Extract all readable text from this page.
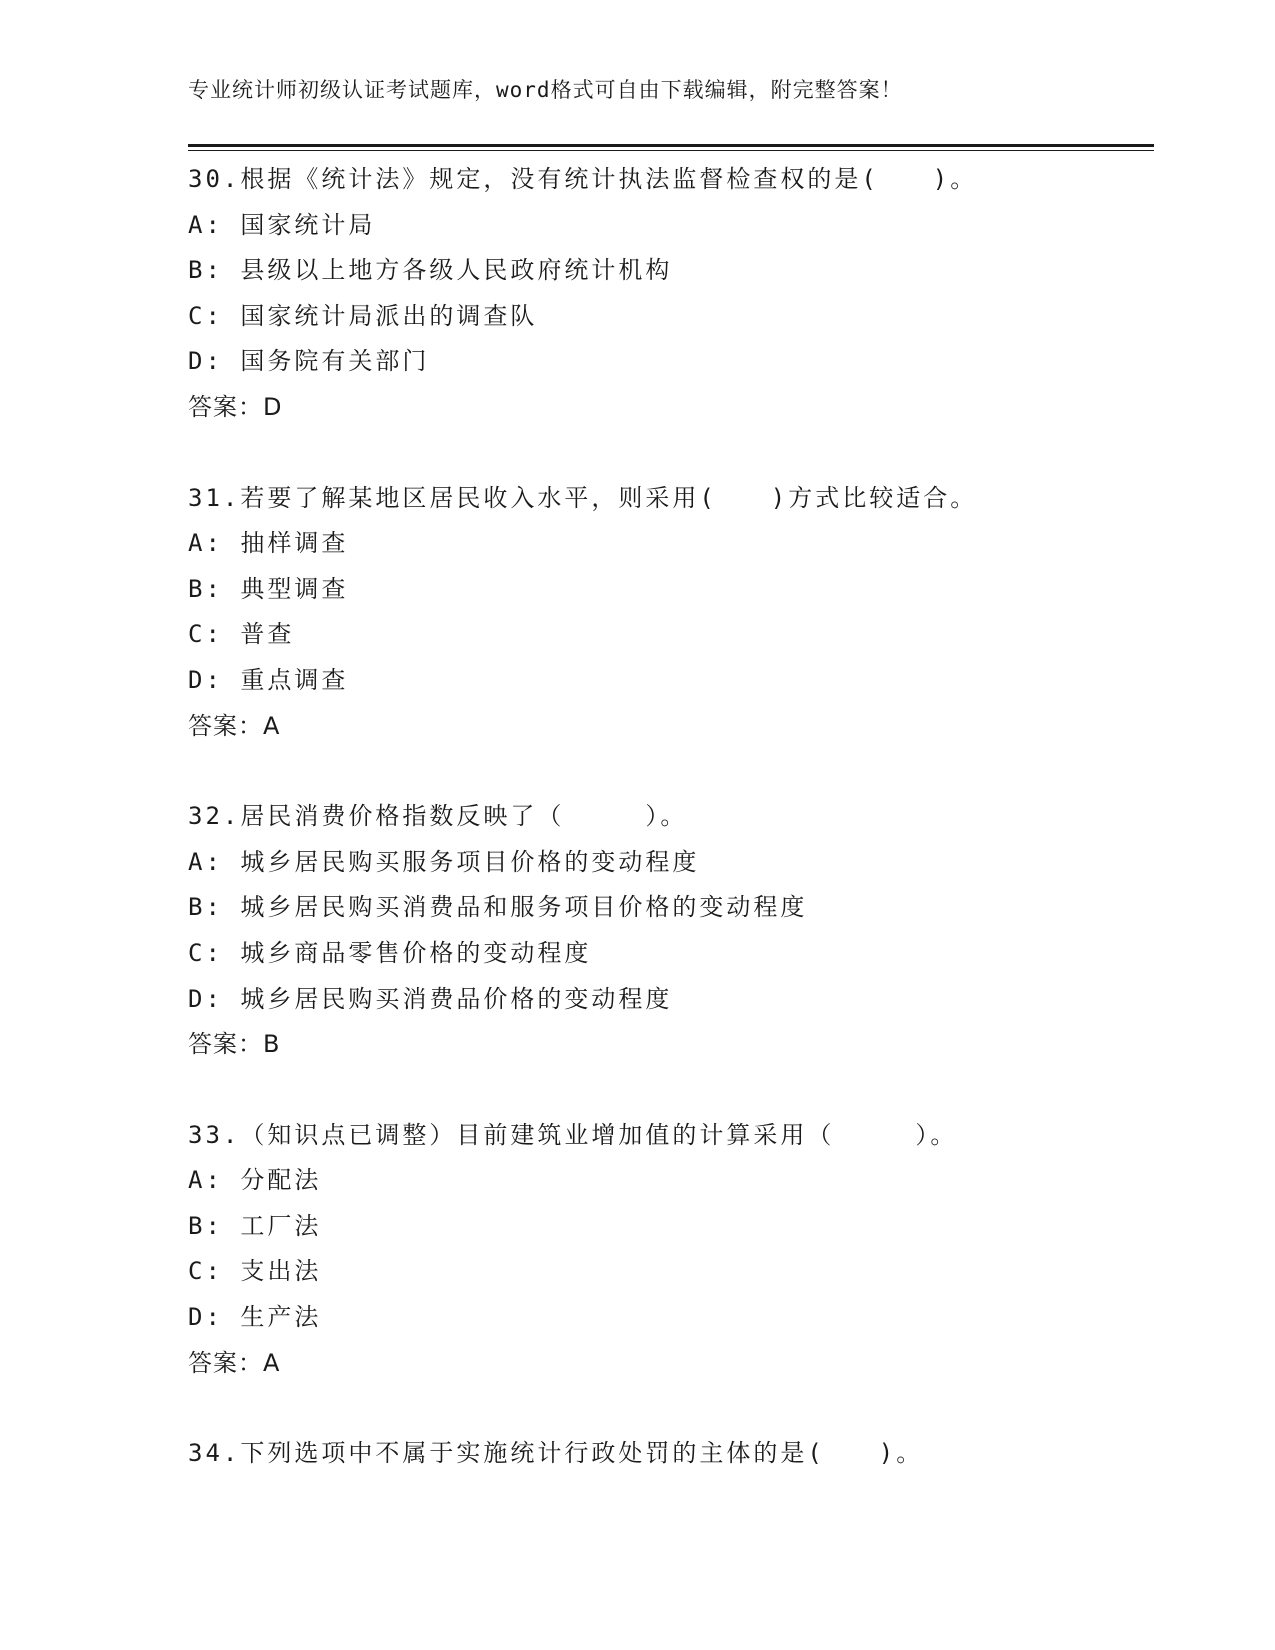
专业统计师初级认证考试题库，word格式可自由下载编辑，附完整答案！
30.根据《统计法》规定，没有统计执法监督检查权的是(　　)。
A: 国家统计局
B: 县级以上地方各级人民政府统计机构
C: 国家统计局派出的调查队
D: 国务院有关部门
答案：D
31.若要了解某地区居民收入水平，则采用(　　)方式比较适合。
A: 抽样调查
B: 典型调查
C: 普查
D: 重点调查
答案：A
32.居民消费价格指数反映了（　　　）。
A: 城乡居民购买服务项目价格的变动程度
B: 城乡居民购买消费品和服务项目价格的变动程度
C: 城乡商品零售价格的变动程度
D: 城乡居民购买消费品价格的变动程度
答案：B
33.（知识点已调整）目前建筑业增加值的计算采用（　　　）。
A: 分配法
B: 工厂法
C: 支出法
D: 生产法
答案：A
34.下列选项中不属于实施统计行政处罚的主体的是(　　)。
